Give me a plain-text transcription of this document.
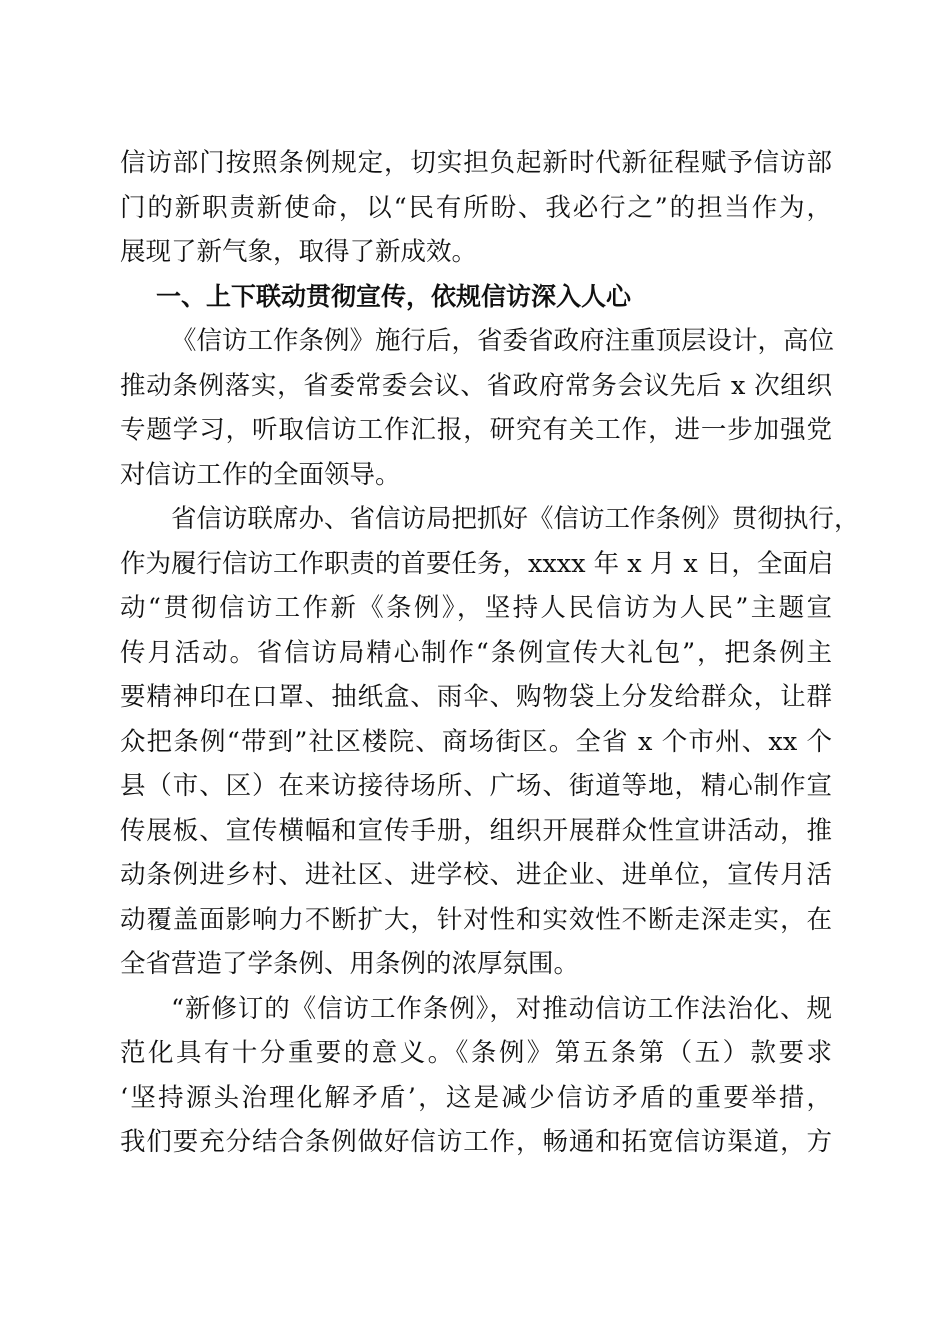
信访部门按照条例规定，切实担负起新时代新征程赋予信访部
门的新职责新使命，以“民有所盼、我必行之”的担当作为，
展现了新气象，取得了新成效。
一、上下联动贯彻宣传，依规信访深入人心
《信访工作条例》施行后，省委省政府注重顶层设计，高位
推动条例落实，省委常委会议、省政府常务会议先后 x 次组织
专题学习，听取信访工作汇报，研究有关工作，进一步加强党
对信访工作的全面领导。
省信访联席办、省信访局把抓好《信访工作条例》贯彻执行，
作为履行信访工作职责的首要任务，xxxx 年 x 月 x 日，全面启
动“贯彻信访工作新《条例》，坚持人民信访为人民”主题宣
传月活动。省信访局精心制作“条例宣传大礼包”，把条例主
要精神印在口罩、抽纸盒、雨伞、购物袋上分发给群众，让群
众把条例“带到”社区楼院、商场街区。全省 x 个市州、xx 个
县（市、区）在来访接待场所、广场、街道等地，精心制作宣
传展板、宣传横幅和宣传手册，组织开展群众性宣讲活动，推
动条例进乡村、进社区、进学校、进企业、进单位，宣传月活
动覆盖面影响力不断扩大，针对性和实效性不断走深走实，在
全省营造了学条例、用条例的浓厚氛围。
“新修订的《信访工作条例》，对推动信访工作法治化、规
范化具有十分重要的意义。《条例》第五条第（五）款要求
‘坚持源头治理化解矛盾’，这是减少信访矛盾的重要举措，
我们要充分结合条例做好信访工作，畅通和拓宽信访渠道，方
